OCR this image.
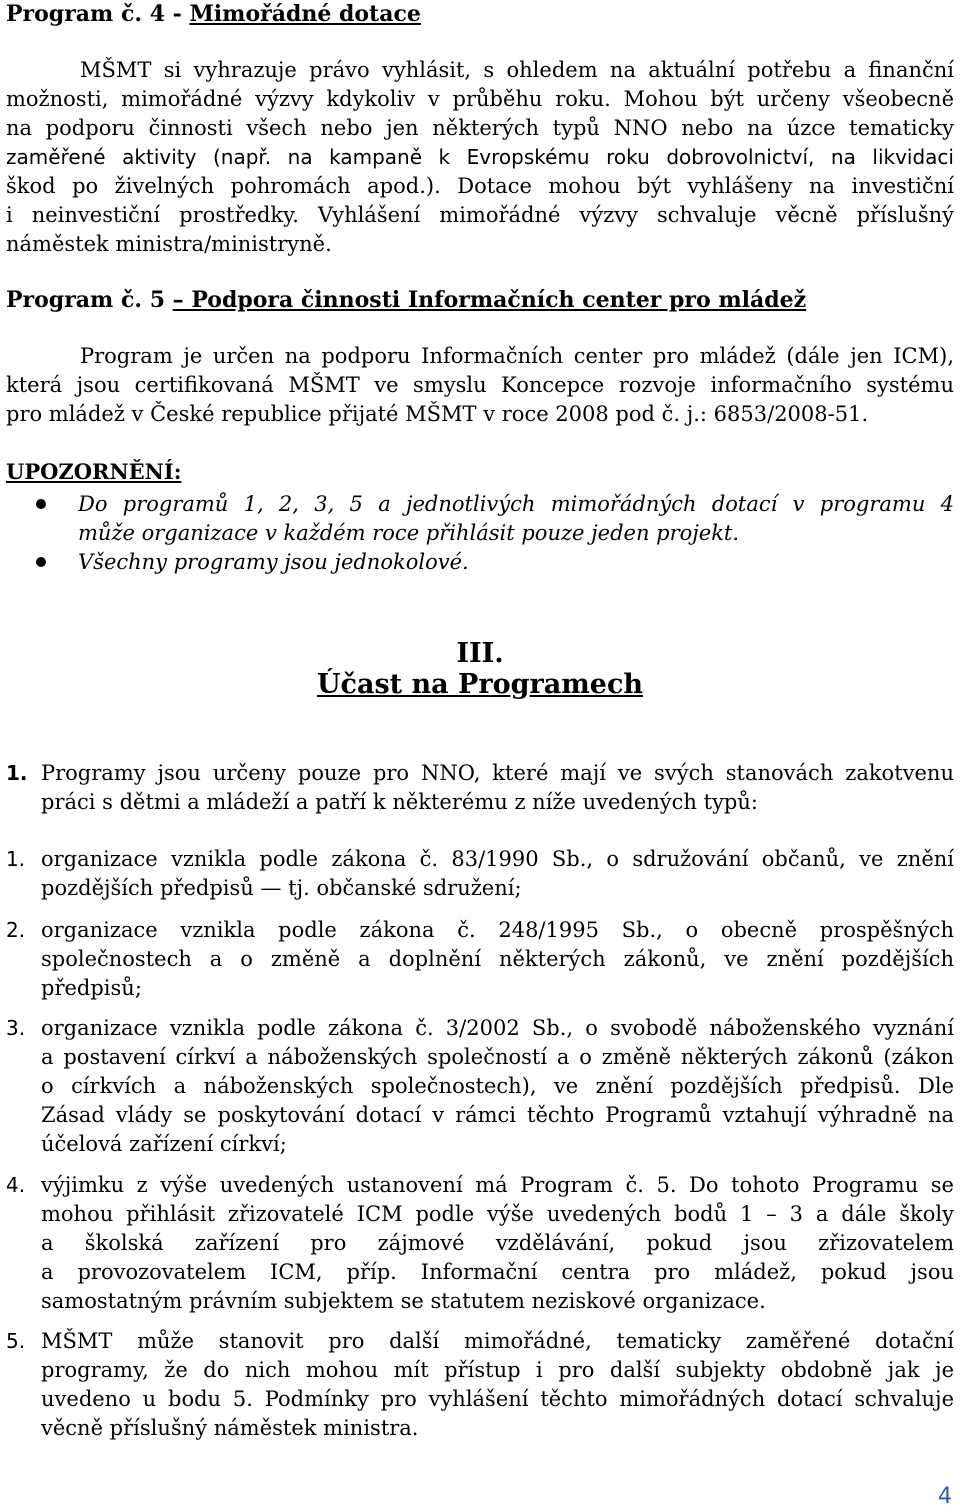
Program č. 4 - Mimořádné dotace
MŠMT si vyhrazuje právo vyhlásit, s ohledem na aktuální potřebu a finanční
možnosti, mimořádné výzvy kdykoliv v průběhu roku. Mohou být určeny všeobecně
na podporu činnosti všech nebo jen některých typů NNO nebo na úzce tematicky
zaměřené aktivity (např. na kampaně k Evropskému roku dobrovolnictví, na likvidaci
škod po živelných pohromách apod.). Dotace mohou být vyhlášeny na investiční
i neinvestiční prostředky. Vyhlášení mimořádné výzvy schvaluje věcně příslušný
náměstek ministra/ministryně.
Program č. 5 – Podpora činnosti Informačních center pro mládež
Program je určen na podporu Informačních center pro mládež (dále jen ICM),
která jsou certifikovaná MŠMT ve smyslu Koncepce rozvoje informačního systému
pro mládež v České republice přijaté MŠMT v roce 2008 pod č. j.: 6853/2008-51.
UPOZORNĚNÍ:
Do programů 1, 2, 3, 5 a jednotlivých mimořádných dotací v programu 4
může organizace v každém roce přihlásit pouze jeden projekt.
Všechny programy jsou jednokolové.
III.
Účast na Programech
1. Programy jsou určeny pouze pro NNO, které mají ve svých stanovách zakotvenu
práci s dětmi a mládeží a patří k některému z níže uvedených typů:
1. organizace vznikla podle zákona č. 83/1990 Sb., o sdružování občanů, ve znění
pozdějších předpisů — tj. občanské sdružení;
2. organizace vznikla podle zákona č. 248/1995 Sb., o obecně prospěšných
společnostech a o změně a doplnění některých zákonů, ve znění pozdějších
předpisů;
3. organizace vznikla podle zákona č. 3/2002 Sb., o svobodě náboženského vyznání
a postavení církví a náboženských společností a o změně některých zákonů (zákon
o církvích a náboženských společnostech), ve znění pozdějších předpisů. Dle
Zásad vlády se poskytování dotací v rámci těchto Programů vztahují výhradně na
účelová zařízení církví;
4. výjimku z výše uvedených ustanovení má Program č. 5. Do tohoto Programu se
mohou přihlásit zřizovatelé ICM podle výše uvedených bodů 1 – 3 a dále školy
a školská zařízení pro zájmové vzdělávání, pokud jsou zřizovatelem
a provozovatelem ICM, příp. Informační centra pro mládež, pokud jsou
samostatným právním subjektem se statutem neziskové organizace.
5. MŠMT může stanovit pro další mimořádné, tematicky zaměřené dotační
programy, že do nich mohou mít přístup i pro další subjekty obdobně jak je
uvedeno u bodu 5. Podmínky pro vyhlášení těchto mimořádných dotací schvaluje
věcně příslušný náměstek ministra.
4
